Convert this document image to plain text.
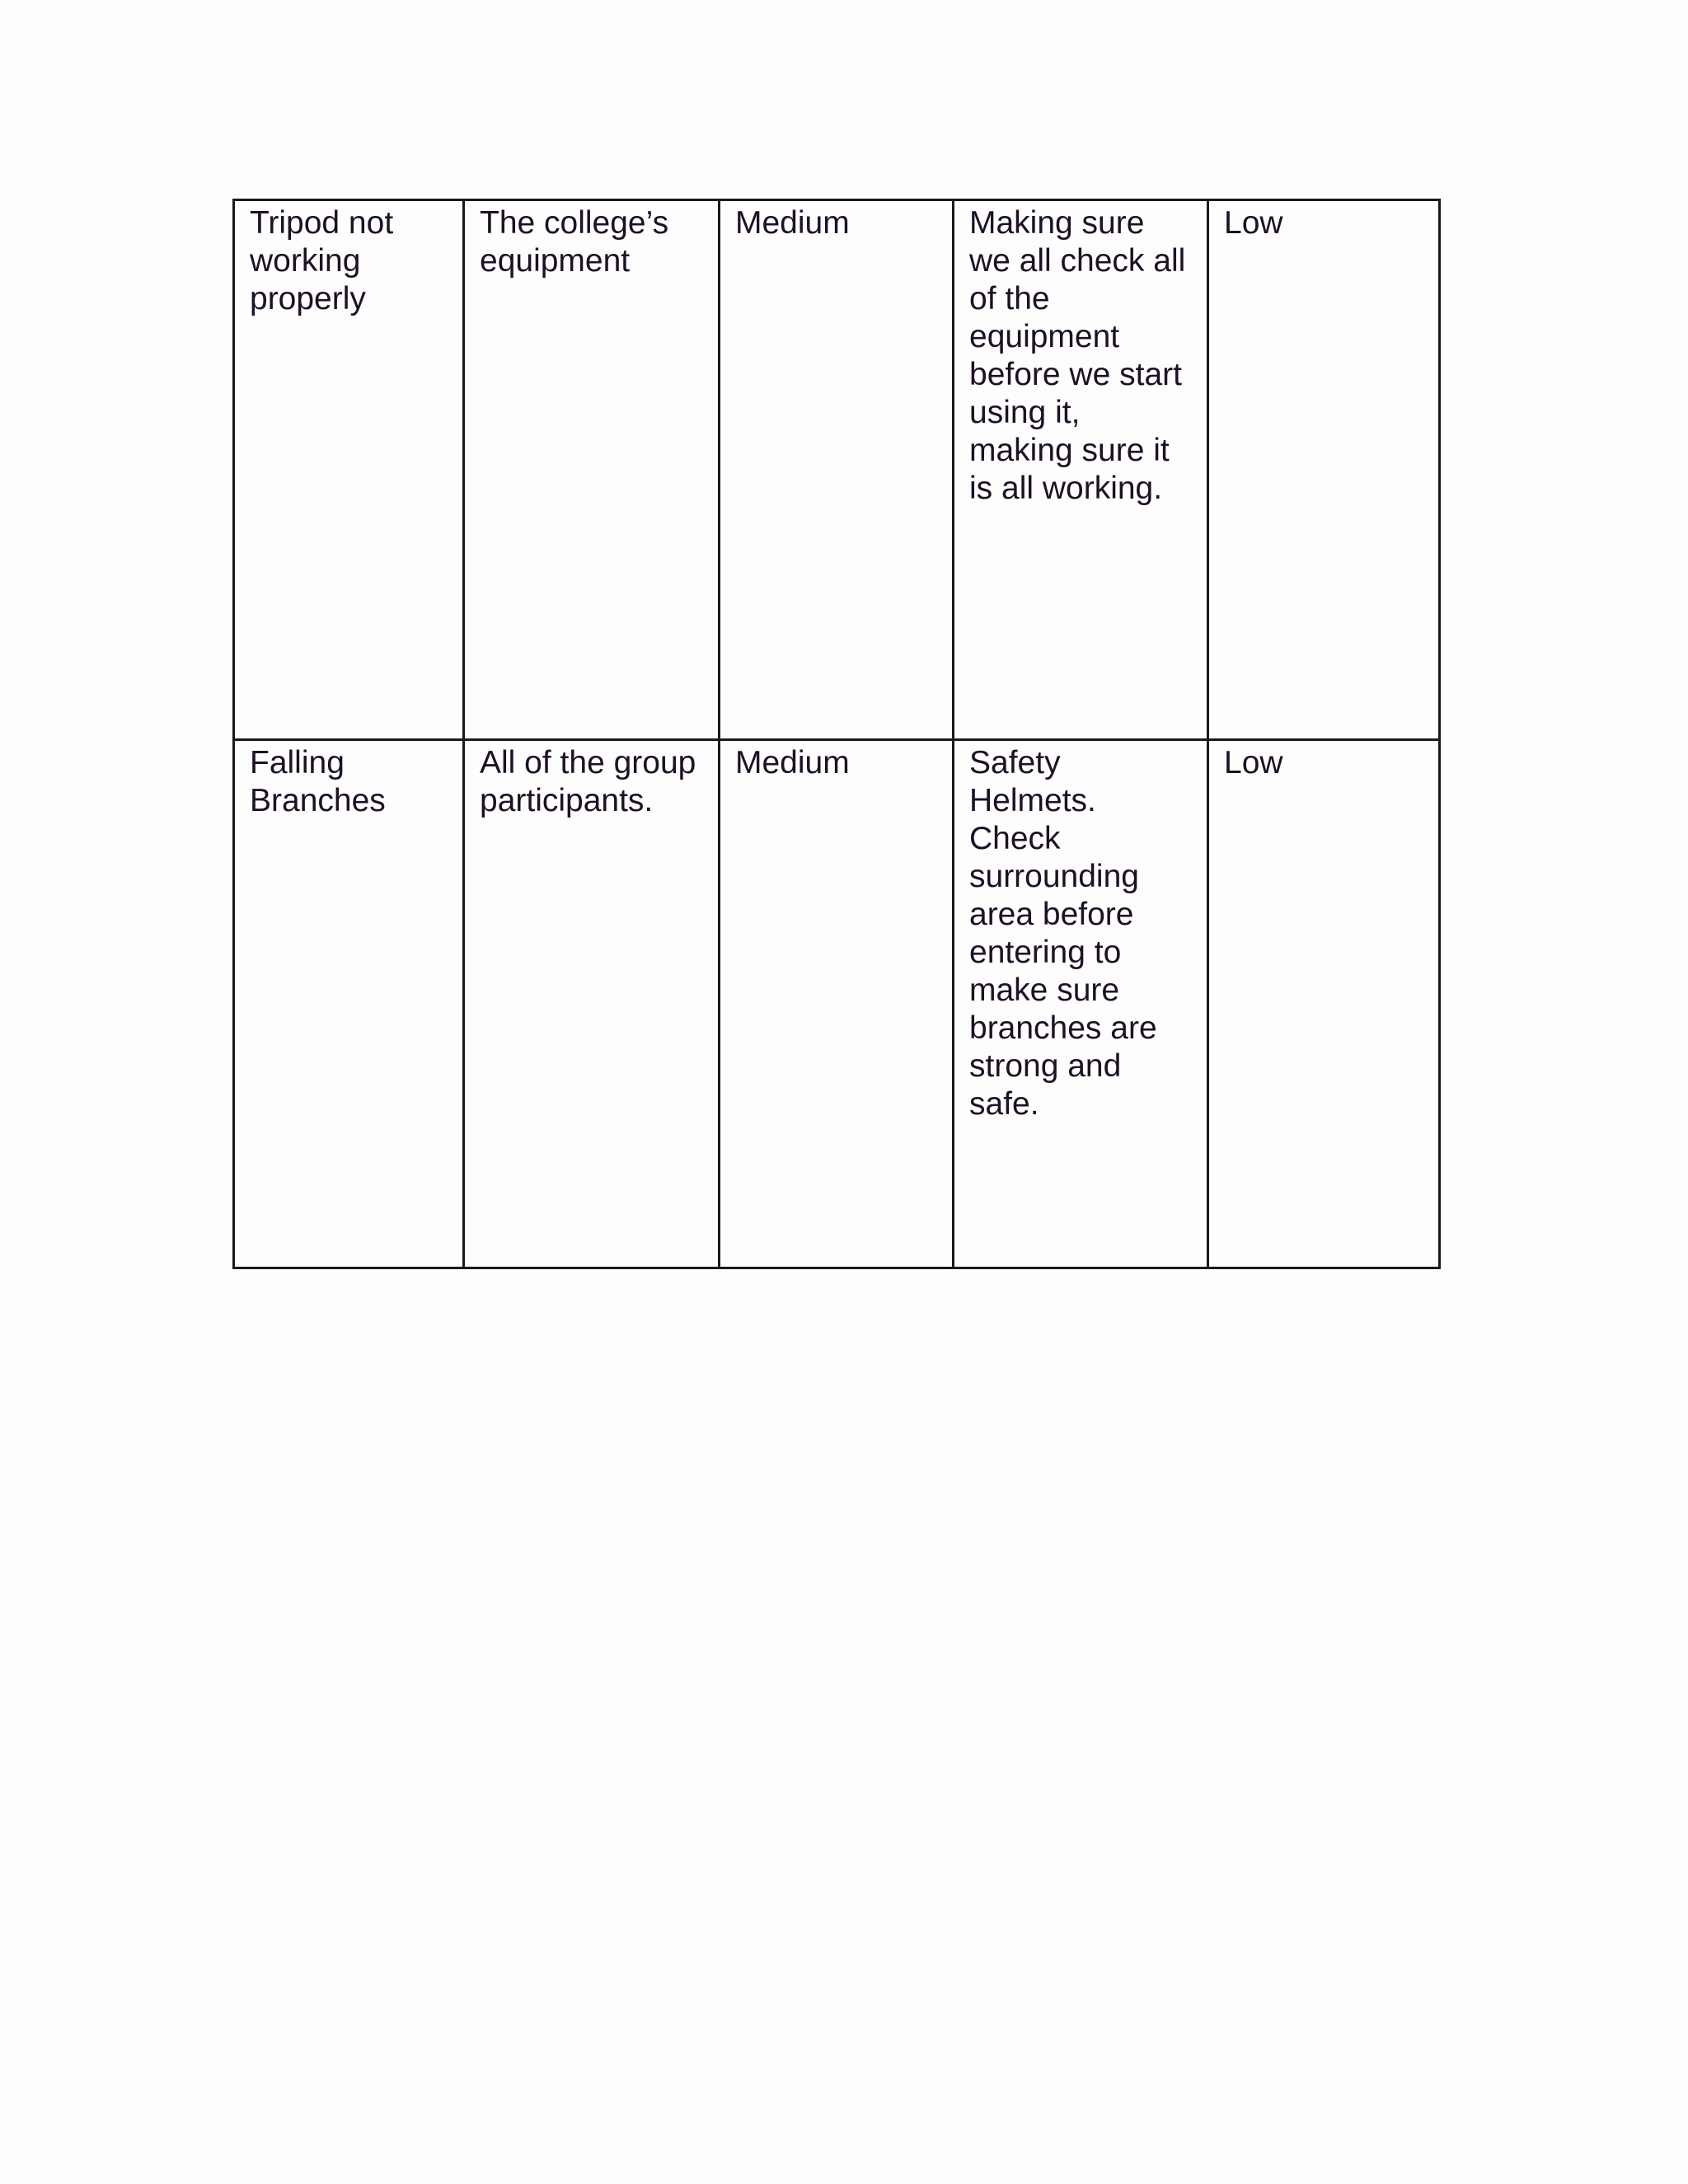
Tripod not working properly	The college’s equipment	Medium	Making sure we all check all of the equipment before we start using it, making sure it is all working.	Low
Falling Branches	All of the group participants.	Medium	Safety Helmets. Check surrounding area before entering to make sure branches are strong and safe.	Low
